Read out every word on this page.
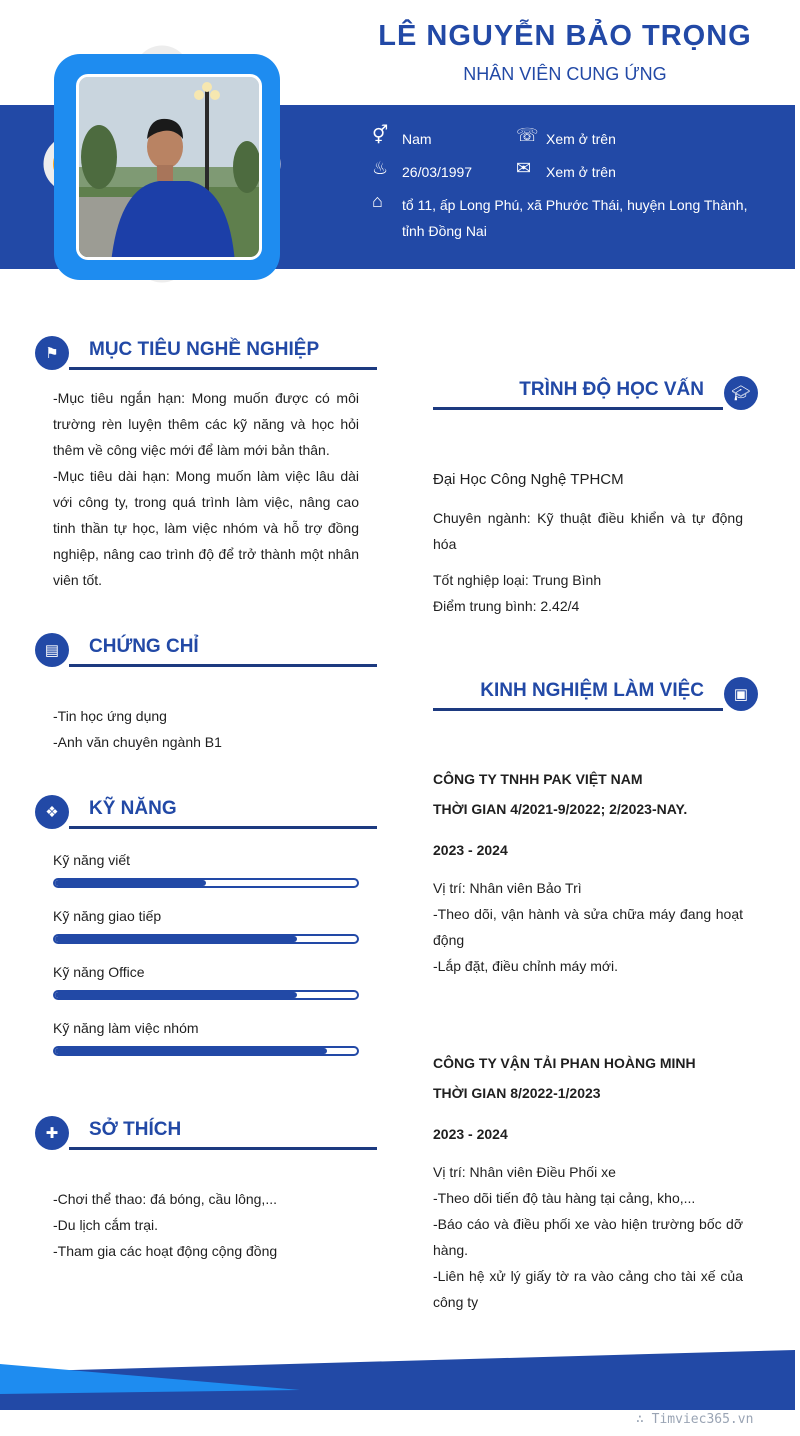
LÊ NGUYỄN BẢO TRỌNG
NHÂN VIÊN CUNG ỨNG
⚥ Nam	☏ Xem ở trên
♨ 26/03/1997 ✉	Xem ở trên
⌂	tổ 11, ấp Long Phú, xã Phước Thái, huyện Long Thành,
tỉnh Đồng Nai
⚑	MỤC TIÊU NGHỀ NGHIỆP

-Mục tiêu ngắn hạn: Mong muốn được có môi trường rèn luyện thêm các kỹ năng và học hỏi thêm về công việc mới để làm mới bản thân.

-Mục tiêu dài hạn: Mong muốn làm việc lâu dài với công ty, trong quá trình làm việc, nâng cao tinh thần tự học, làm việc nhóm và hỗ trợ đồng nghiệp, nâng cao trình độ để trở thành một nhân viên tốt.

▤	CHỨNG CHỈ

-Tin học ứng dụng

-Anh văn chuyên ngành B1

❖	KỸ NĂNG
Kỹ năng viết
Kỹ năng giao tiếp
Kỹ năng Office
Kỹ năng làm việc nhóm
✚	SỞ THÍCH

-Chơi thể thao: đá bóng, cầu lông,...

-Du lịch cắm trại.

-Tham gia các hoạt động cộng đồng

TRÌNH ĐỘ HỌC VẤN	🎓︎
Đại Học Công Nghệ TPHCM
Chuyên ngành: Kỹ thuật điều khiển và tự động hóa
Tốt nghiệp loại: Trung Bình
Điểm trung bình: 2.42/4
KINH NGHIỆM LÀM VIỆC	▣
CÔNG TY TNHH PAK VIỆT NAM
THỜI GIAN 4/2021-9/2022; 2/2023-NAY.
2023 - 2024

Vị trí: Nhân viên Bảo Trì

-Theo dõi, vận hành và sửa chữa máy đang hoạt động

-Lắp đặt, điều chỉnh máy mới.

CÔNG TY VẬN TẢI PHAN HOÀNG MINH
THỜI GIAN 8/2022-1/2023
2023 - 2024

Vị trí: Nhân viên Điều Phối xe

-Theo dõi tiến độ tàu hàng tại cảng, kho,...

-Báo cáo và điều phối xe vào hiện trường bốc dỡ hàng.

-Liên hệ xử lý giấy tờ ra vào cảng cho tài xế của công ty

∴ Timviec365.vn
